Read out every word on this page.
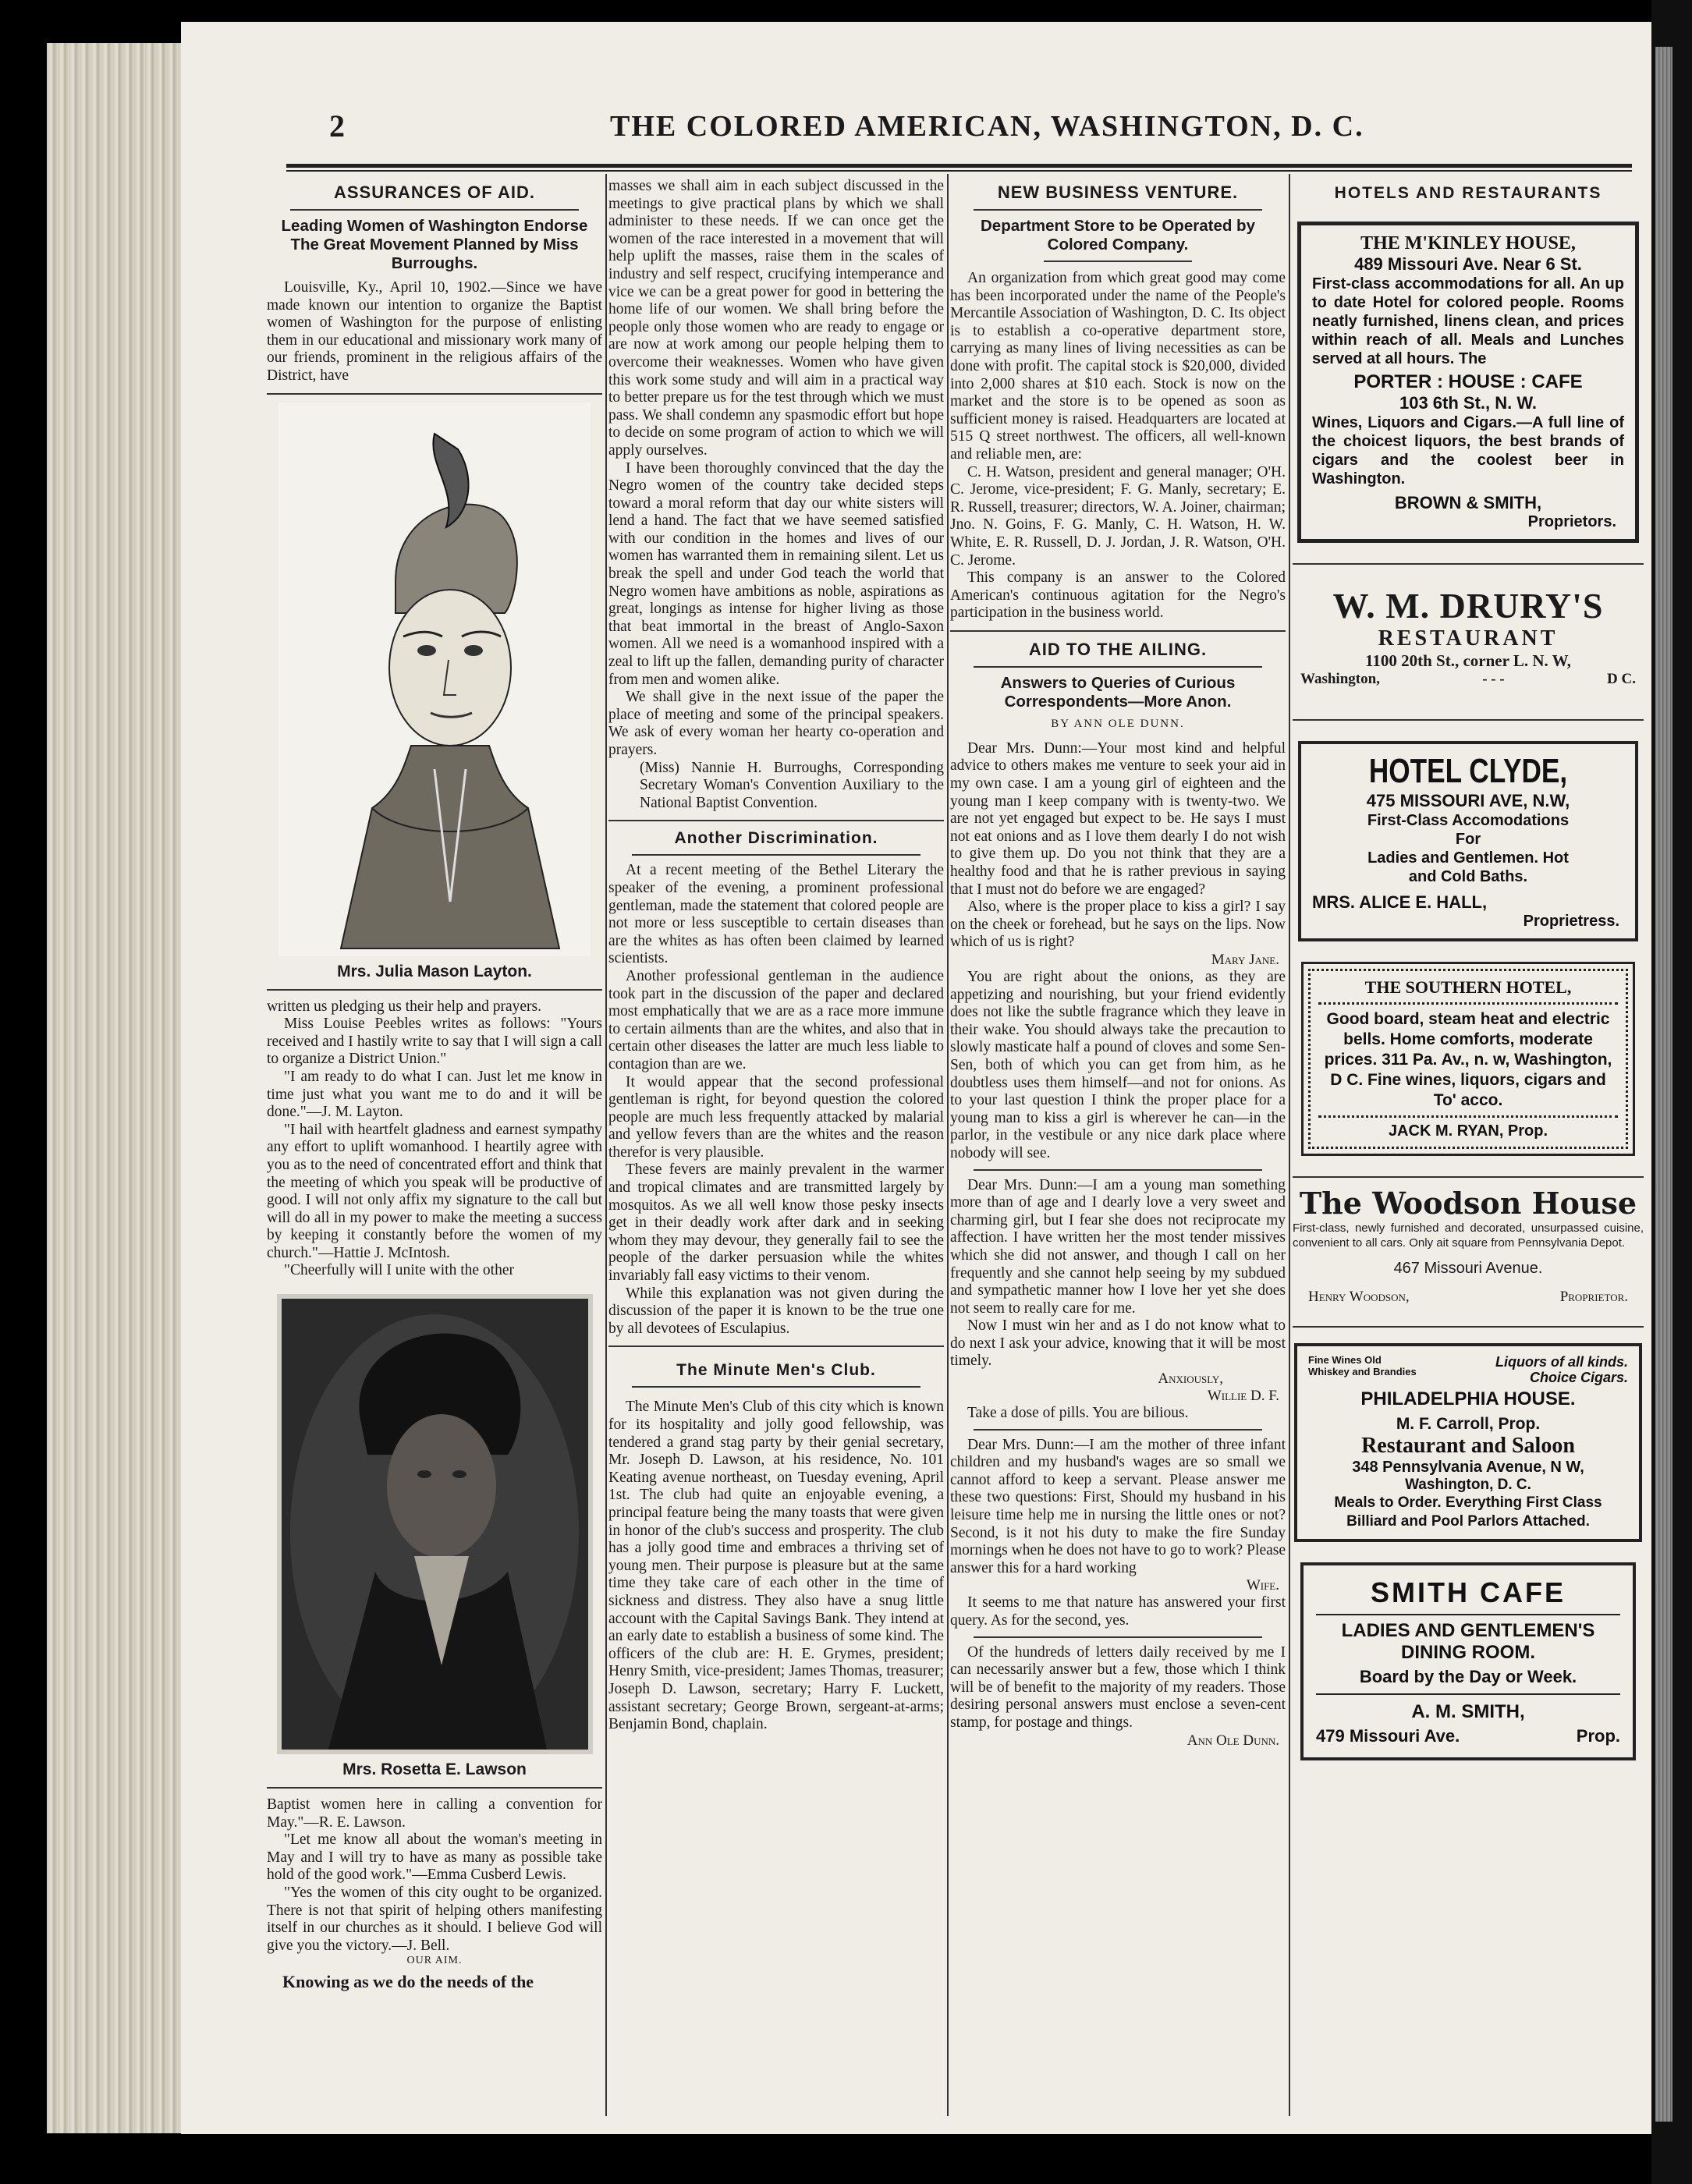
2	THE COLORED AMERICAN, WASHINGTON, D. C.
ASSURANCES OF AID.
Leading Women of Washington Endorse The Great Movement Planned by Miss Burroughs.

Louisville, Ky., April 10, 1902.—Since we have made known our intention to organize the Baptist women of Washington for the purpose of enlisting them in our educational and missionary work many of our friends, prominent in the religious affairs of the District, have

Mrs. Julia Mason Layton.

written us pledging us their help and prayers.

Miss Louise Peebles writes as follows: "Yours received and I hastily write to say that I will sign a call to organize a District Union."

"I am ready to do what I can. Just let me know in time just what you want me to do and it will be done."—J. M. Layton.

"I hail with heartfelt gladness and earnest sympathy any effort to uplift womanhood. I heartily agree with you as to the need of concentrated effort and think that the meeting of which you speak will be productive of good. I will not only affix my signature to the call but will do all in my power to make the meeting a success by keeping it constantly before the women of my church."—Hattie J. McIntosh.

"Cheerfully will I unite with the other

Mrs. Rosetta E. Lawson

Baptist women here in calling a convention for May."—R. E. Lawson.

"Let me know all about the woman's meeting in May and I will try to have as many as possible take hold of the good work."—Emma Cusberd Lewis.

"Yes the women of this city ought to be organized. There is not that spirit of helping others manifesting itself in our churches as it should. I believe God will give you the victory.—J. Bell.

OUR AIM.
Knowing as we do the needs of the

masses we shall aim in each subject discussed in the meetings to give practical plans by which we shall administer to these needs. If we can once get the women of the race interested in a movement that will help uplift the masses, raise them in the scales of industry and self respect, crucifying intemperance and vice we can be a great power for good in bettering the home life of our women. We shall bring before the people only those women who are ready to engage or are now at work among our people helping them to overcome their weaknesses. Women who have given this work some study and will aim in a practical way to better prepare us for the test through which we must pass. We shall condemn any spasmodic effort but hope to decide on some program of action to which we will apply ourselves.

I have been thoroughly convinced that the day the Negro women of the country take decided steps toward a moral reform that day our white sisters will lend a hand. The fact that we have seemed satisfied with our condition in the homes and lives of our women has warranted them in remaining silent. Let us break the spell and under God teach the world that Negro women have ambitions as noble, aspirations as great, longings as intense for higher living as those that beat immortal in the breast of Anglo-Saxon women. All we need is a womanhood inspired with a zeal to lift up the fallen, demanding purity of character from men and women alike.

We shall give in the next issue of the paper the place of meeting and some of the principal speakers. We ask of every woman her hearty co-operation and prayers.

(Miss) Nannie H. Burroughs, Corresponding Secretary Woman's Convention Auxiliary to the National Baptist Convention.

Another Discrimination.

At a recent meeting of the Bethel Literary the speaker of the evening, a prominent professional gentleman, made the statement that colored people are not more or less susceptible to certain diseases than are the whites as has often been claimed by learned scientists.

Another professional gentleman in the audience took part in the discussion of the paper and declared most emphatically that we are as a race more immune to certain ailments than are the whites, and also that in certain other diseases the latter are much less liable to contagion than are we.

It would appear that the second professional gentleman is right, for beyond question the colored people are much less frequently attacked by malarial and yellow fevers than are the whites and the reason therefor is very plausible.

These fevers are mainly prevalent in the warmer and tropical climates and are transmitted largely by mosquitos. As we all well know those pesky insects get in their deadly work after dark and in seeking whom they may devour, they generally fail to see the people of the darker persuasion while the whites invariably fall easy victims to their venom.

While this explanation was not given during the discussion of the paper it is known to be the true one by all devotees of Esculapius.

The Minute Men's Club.

The Minute Men's Club of this city which is known for its hospitality and jolly good fellowship, was tendered a grand stag party by their genial secretary, Mr. Joseph D. Lawson, at his residence, No. 101 Keating avenue northeast, on Tuesday evening, April 1st. The club had quite an enjoyable evening, a principal feature being the many toasts that were given in honor of the club's success and prosperity. The club has a jolly good time and embraces a thriving set of young men. Their purpose is pleasure but at the same time they take care of each other in the time of sickness and distress. They also have a snug little account with the Capital Savings Bank. They intend at an early date to establish a business of some kind. The officers of the club are: H. E. Grymes, president; Henry Smith, vice-president; James Thomas, treasurer; Joseph D. Lawson, secretary; Harry F. Luckett, assistant secretary; George Brown, sergeant-at-arms; Benjamin Bond, chaplain.

NEW BUSINESS VENTURE.
Department Store to be Operated by Colored Company.

An organization from which great good may come has been incorporated under the name of the People's Mercantile Association of Washington, D. C. Its object is to establish a co-operative department store, carrying as many lines of living necessities as can be done with profit. The capital stock is $20,000, divided into 2,000 shares at $10 each. Stock is now on the market and the store is to be opened as soon as sufficient money is raised. Headquarters are located at 515 Q street northwest. The officers, all well-known and reliable men, are:

C. H. Watson, president and general manager; O'H. C. Jerome, vice-president; F. G. Manly, secretary; E. R. Russell, treasurer; directors, W. A. Joiner, chairman; Jno. N. Goins, F. G. Manly, C. H. Watson, H. W. White, E. R. Russell, D. J. Jordan, J. R. Watson, O'H. C. Jerome.

This company is an answer to the Colored American's continuous agitation for the Negro's participation in the business world.

AID TO THE AILING.
Answers to Queries of Curious Correspondents—More Anon.
BY ANN OLE DUNN.

Dear Mrs. Dunn:—Your most kind and helpful advice to others makes me venture to seek your aid in my own case. I am a young girl of eighteen and the young man I keep company with is twenty-two. We are not yet engaged but expect to be. He says I must not eat onions and as I love them dearly I do not wish to give them up. Do you not think that they are a healthy food and that he is rather previous in saying that I must not do before we are engaged?

Also, where is the proper place to kiss a girl? I say on the cheek or forehead, but he says on the lips. Now which of us is right?

Mary Jane.

You are right about the onions, as they are appetizing and nourishing, but your friend evidently does not like the subtle fragrance which they leave in their wake. You should always take the precaution to slowly masticate half a pound of cloves and some Sen-Sen, both of which you can get from him, as he doubtless uses them himself—and not for onions. As to your last question I think the proper place for a young man to kiss a girl is wherever he can—in the parlor, in the vestibule or any nice dark place where nobody will see.

Dear Mrs. Dunn:—I am a young man something more than of age and I dearly love a very sweet and charming girl, but I fear she does not reciprocate my affection. I have written her the most tender missives which she did not answer, and though I call on her frequently and she cannot help seeing by my subdued and sympathetic manner how I love her yet she does not seem to really care for me.

Now I must win her and as I do not know what to do next I ask your advice, knowing that it will be most timely.

Anxiously,
Willie D. F.

Take a dose of pills. You are bilious.

Dear Mrs. Dunn:—I am the mother of three infant children and my husband's wages are so small we cannot afford to keep a servant. Please answer me these two questions: First, Should my husband in his leisure time help me in nursing the little ones or not? Second, is it not his duty to make the fire Sunday mornings when he does not have to go to work? Please answer this for a hard working

Wife.

It seems to me that nature has answered your first query. As for the second, yes.

Of the hundreds of letters daily received by me I can necessarily answer but a few, those which I think will be of benefit to the majority of my readers. Those desiring personal answers must enclose a seven-cent stamp, for postage and things.

Ann Ole Dunn.
HOTELS AND RESTAURANTS
THE M'KINLEY HOUSE,
489 Missouri Ave. Near 6 St.
First-class accommodations for all. An up to date Hotel for colored people. Rooms neatly furnished, linens clean, and prices within reach of all. Meals and Lunches served at all hours. The
PORTER : HOUSE : CAFE
103 6th St., N. W.
Wines, Liquors and Cigars.—A full line of the choicest liquors, the best brands of cigars and the coolest beer in Washington.
BROWN & SMITH,
Proprietors.
W. M. DRURY'S
RESTAURANT
1100 20th St., corner L. N. W,
Washington,	- - -	D C.
HOTEL CLYDE,
475 MISSOURI AVE, N.W,
First-Class Accomodations
For
Ladies and Gentlemen. Hot
and Cold Baths.
MRS. ALICE E. HALL,
Proprietress.
THE SOUTHERN HOTEL,
Good board, steam heat and electric bells. Home comforts, moderate prices. 311 Pa. Av., n. w, Washington, D C. Fine wines, liquors, cigars and To' acco.
JACK M. RYAN, Prop.
The Woodson House
First-class, newly furnished and decorated, unsurpassed cuisine, convenient to all cars. Only ait square from Pennsylvania Depot.
467 Missouri Avenue.
Henry Woodson,	Proprietor.
Fine Wines Old Whiskey and Brandies
Liquors of all kinds. Choice Cigars.
PHILADELPHIA HOUSE.
M. F. Carroll, Prop.
Restaurant and Saloon
348 Pennsylvania Avenue, N W,
Washington, D. C.
Meals to Order. Everything First Class
Billiard and Pool Parlors Attached.
SMITH CAFE
LADIES AND GENTLEMEN'S
DINING ROOM.
Board by the Day or Week.
A. M. SMITH,
479 Missouri Ave.	Prop.
